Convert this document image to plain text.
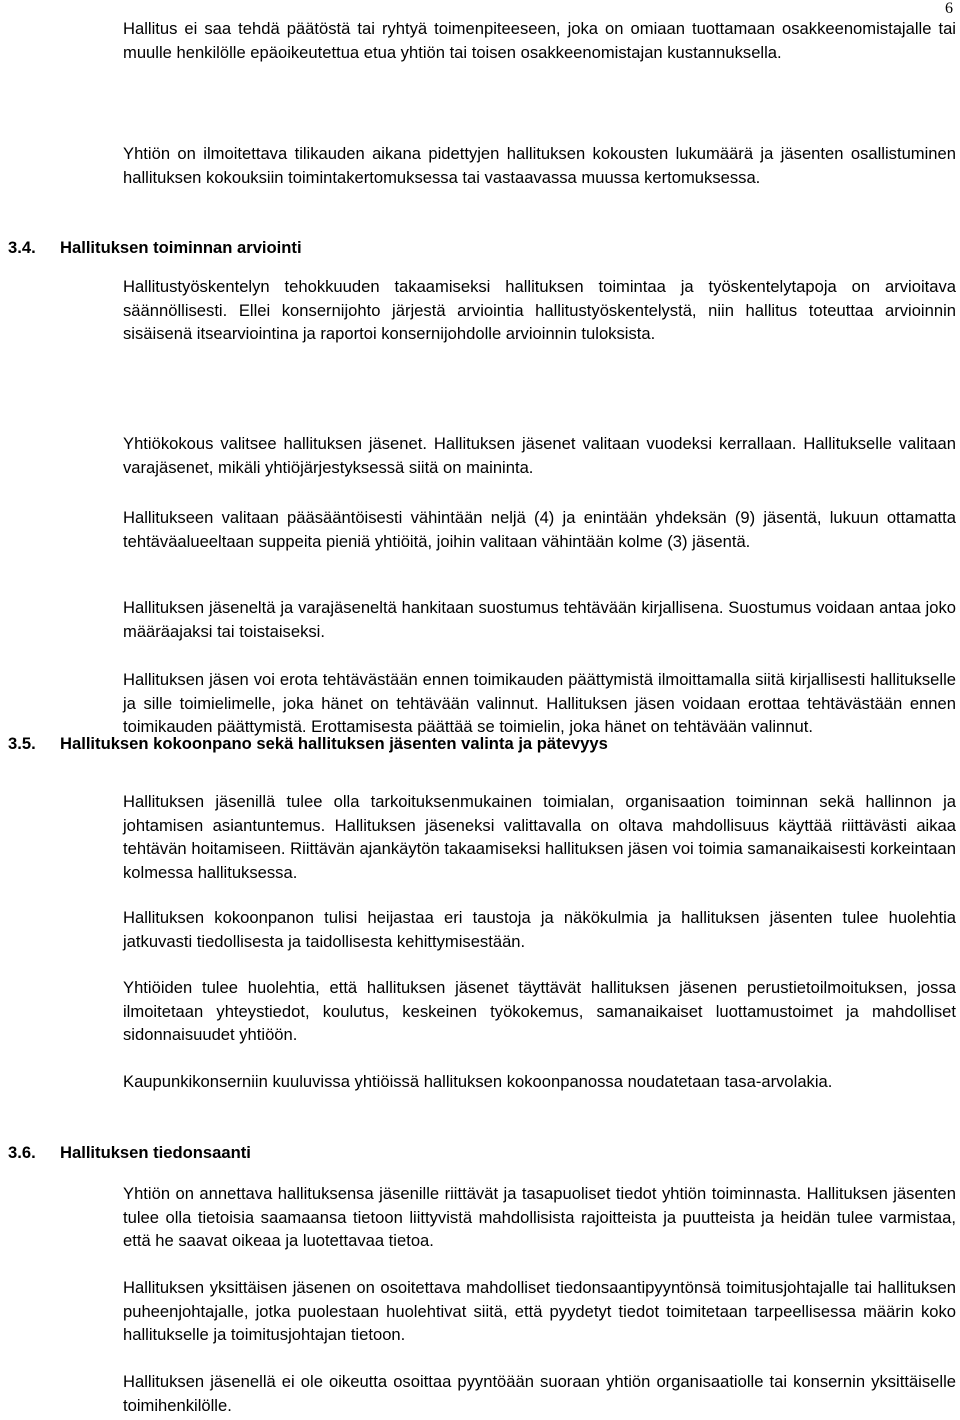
6

Hallitus ei saa tehdä päätöstä tai ryhtyä toimenpiteeseen, joka on omiaan tuottamaan osakkeenomistajalle tai muulle henkilölle epäoikeutettua etua yhtiön tai toisen osakkeenomistajan kustannuksella.

Yhtiön on ilmoitettava tilikauden aikana pidettyjen hallituksen kokousten lukumäärä ja jäsenten osallistuminen hallituksen kokouksiin toimintakertomuksessa tai vastaavassa muussa kertomuksessa.

3.4. Hallituksen toiminnan arviointi

Hallitustyöskentelyn tehokkuuden takaamiseksi hallituksen toimintaa ja työskentelytapoja on arvioitava säännöllisesti. Ellei konsernijohto järjestä arviointia hallitustyöskentelystä, niin hallitus toteuttaa arvioinnin sisäisenä itsearviointina ja raportoi konsernijohdolle arvioinnin tuloksista.

3.5. Hallituksen kokoonpano sekä hallituksen jäsenten valinta ja pätevyys

Yhtiökokous valitsee hallituksen jäsenet. Hallituksen jäsenet valitaan vuodeksi kerrallaan. Hallitukselle valitaan varajäsenet, mikäli yhtiöjärjestyksessä siitä on maininta.

Hallitukseen valitaan pääsääntöisesti vähintään neljä (4) ja enintään yhdeksän (9) jäsentä, lukuun ottamatta tehtäväalueeltaan suppeita pieniä yhtiöitä, joihin valitaan vähintään kolme (3) jäsentä.

Hallituksen jäseneltä ja varajäseneltä hankitaan suostumus tehtävään kirjallisena. Suostumus voidaan antaa joko määräajaksi tai toistaiseksi.

Hallituksen jäsen voi erota tehtävästään ennen toimikauden päättymistä ilmoittamalla siitä kirjallisesti hallitukselle ja sille toimielimelle, joka hänet on tehtävään valinnut. Hallituksen jäsen voidaan erottaa tehtävästään ennen toimikauden päättymistä. Erottamisesta päättää se toimielin, joka hänet on tehtävään valinnut.

Hallituksen jäsenillä tulee olla tarkoituksenmukainen toimialan, organisaation toiminnan sekä hallinnon ja johtamisen asiantuntemus. Hallituksen jäseneksi valittavalla on oltava mahdollisuus käyttää riittävästi aikaa tehtävän hoitamiseen. Riittävän ajankäytön takaamiseksi hallituksen jäsen voi toimia samanaikaisesti korkeintaan kolmessa hallituksessa.

Hallituksen kokoonpanon tulisi heijastaa eri taustoja ja näkökulmia ja hallituksen jäsenten tulee huolehtia jatkuvasti tiedollisesta ja taidollisesta kehittymisestään.

Yhtiöiden tulee huolehtia, että hallituksen jäsenet täyttävät hallituksen jäsenen perustietoilmoituksen, jossa ilmoitetaan yhteystiedot, koulutus, keskeinen työkokemus, samanaikaiset luottamustoimet ja mahdolliset sidonnaisuudet yhtiöön.

Kaupunkikonserniin kuuluvissa yhtiöissä hallituksen kokoonpanossa noudatetaan tasa-arvolakia.

3.6. Hallituksen tiedonsaanti

Yhtiön on annettava hallituksensa jäsenille riittävät ja tasapuoliset tiedot yhtiön toiminnasta. Hallituksen jäsenten tulee olla tietoisia saamaansa tietoon liittyvistä mahdollisista rajoitteista ja puutteista ja heidän tulee varmistaa, että he saavat oikeaa ja luotettavaa tietoa.

Hallituksen yksittäisen jäsenen on osoitettava mahdolliset tiedonsaantipyyntönsä toimitusjohtajalle tai hallituksen puheenjohtajalle, jotka puolestaan huolehtivat siitä, että pyydetyt tiedot toimitetaan tarpeellisessa määrin koko hallitukselle ja toimitusjohtajan tietoon.

Hallituksen jäsenellä ei ole oikeutta osoittaa pyyntöään suoraan yhtiön organisaatiolle tai konsernin yksittäiselle toimihenkilölle.
